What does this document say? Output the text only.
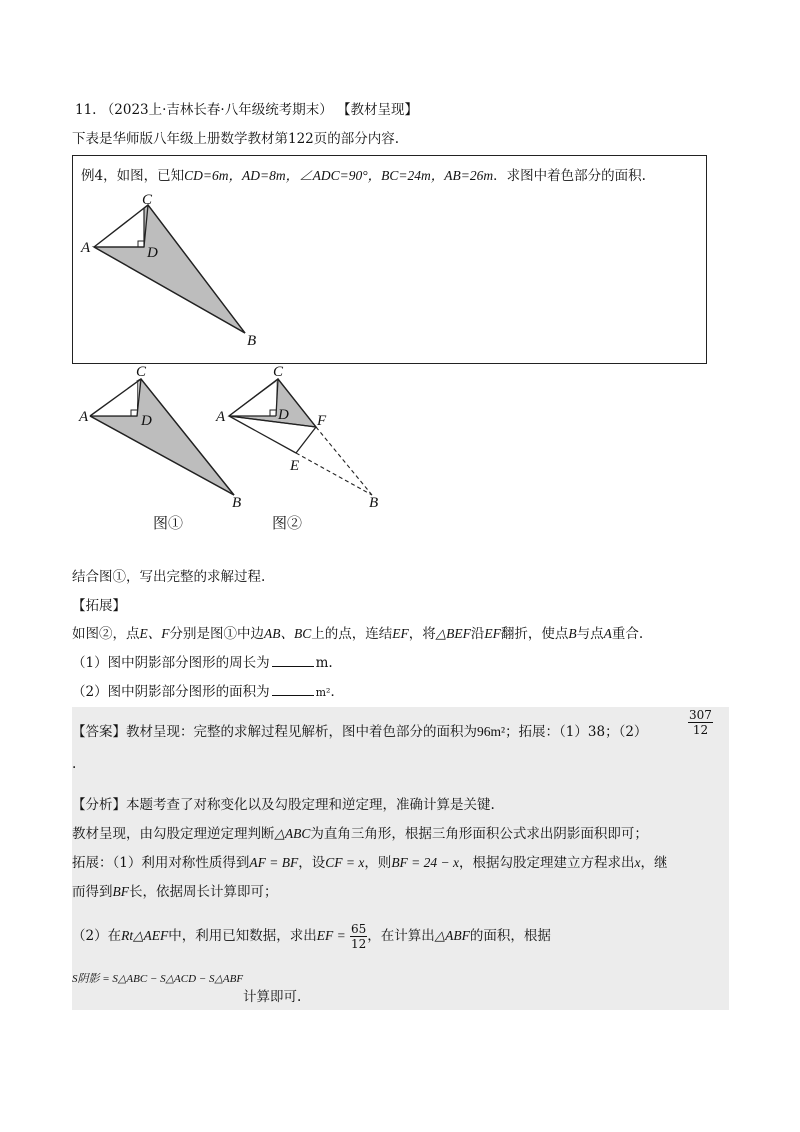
11. （2023上·吉林长春·八年级统考期末） 【教材呈现】
下表是华师版八年级上册数学教材第122页的部分内容.
例4，如图，已知CD=6m，AD=8m，∠ADC=90°，BC=24m，AB=26m．求图中着色部分的面积.
C
A	D
B
C
A	D
B
C
A	D F
E
B
图①	图②
结合图①，写出完整的求解过程.
【拓展】
如图②，点E、F分别是图①中边AB、BC上的点，连结EF，将△BEF沿EF翻折，使点B与点A重合.
（1）图中阴影部分图形的周长为	m.
（2）图中阴影部分图形的面积为	m²．
【答案】教材呈现：完整的求解过程见解析，图中着色部分的面积为96m²；拓展：（1）38；（2）	$\frac{307}{12}$
.
【分析】本题考查了对称变化以及勾股定理和逆定理，准确计算是关键.
教材呈现，由勾股定理逆定理判断△ABC为直角三角形，根据三角形面积公式求出阴影面积即可；
拓展：（1）利用对称性质得到AF = BF，设CF = x，则BF = 24 − x，根据勾股定理建立方程求出x，继
而得到BF长，依据周长计算即可；
（2）在Rt△AEF中，利用已知数据，求出EF = $\frac{65}{12}$ ，在计算出△ABF的面积，根据
S阴影 = S△ABC − S△ACD − S△ABF
计算即可.
